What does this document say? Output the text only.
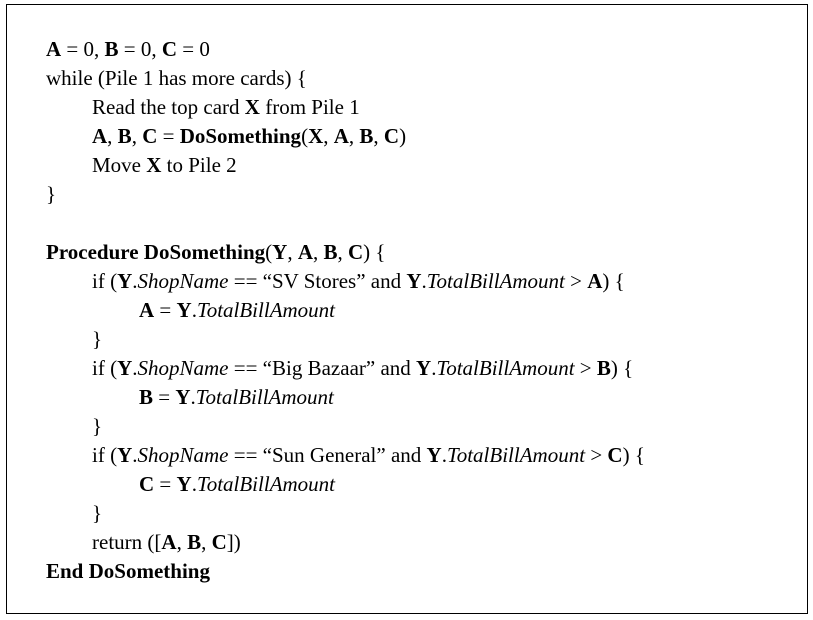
A = 0, B = 0, C = 0
while (Pile 1 has more cards) {
Read the top card X from Pile 1
A, B, C = DoSomething(X, A, B, C)
Move X to Pile 2
}
Procedure DoSomething(Y, A, B, C) {
if (Y.ShopName == “SV Stores” and Y.TotalBillAmount > A) {
A = Y.TotalBillAmount
}
if (Y.ShopName == “Big Bazaar” and Y.TotalBillAmount > B) {
B = Y.TotalBillAmount
}
if (Y.ShopName == “Sun General” and Y.TotalBillAmount > C) {
C = Y.TotalBillAmount
}
return ([A, B, C])
End DoSomething
